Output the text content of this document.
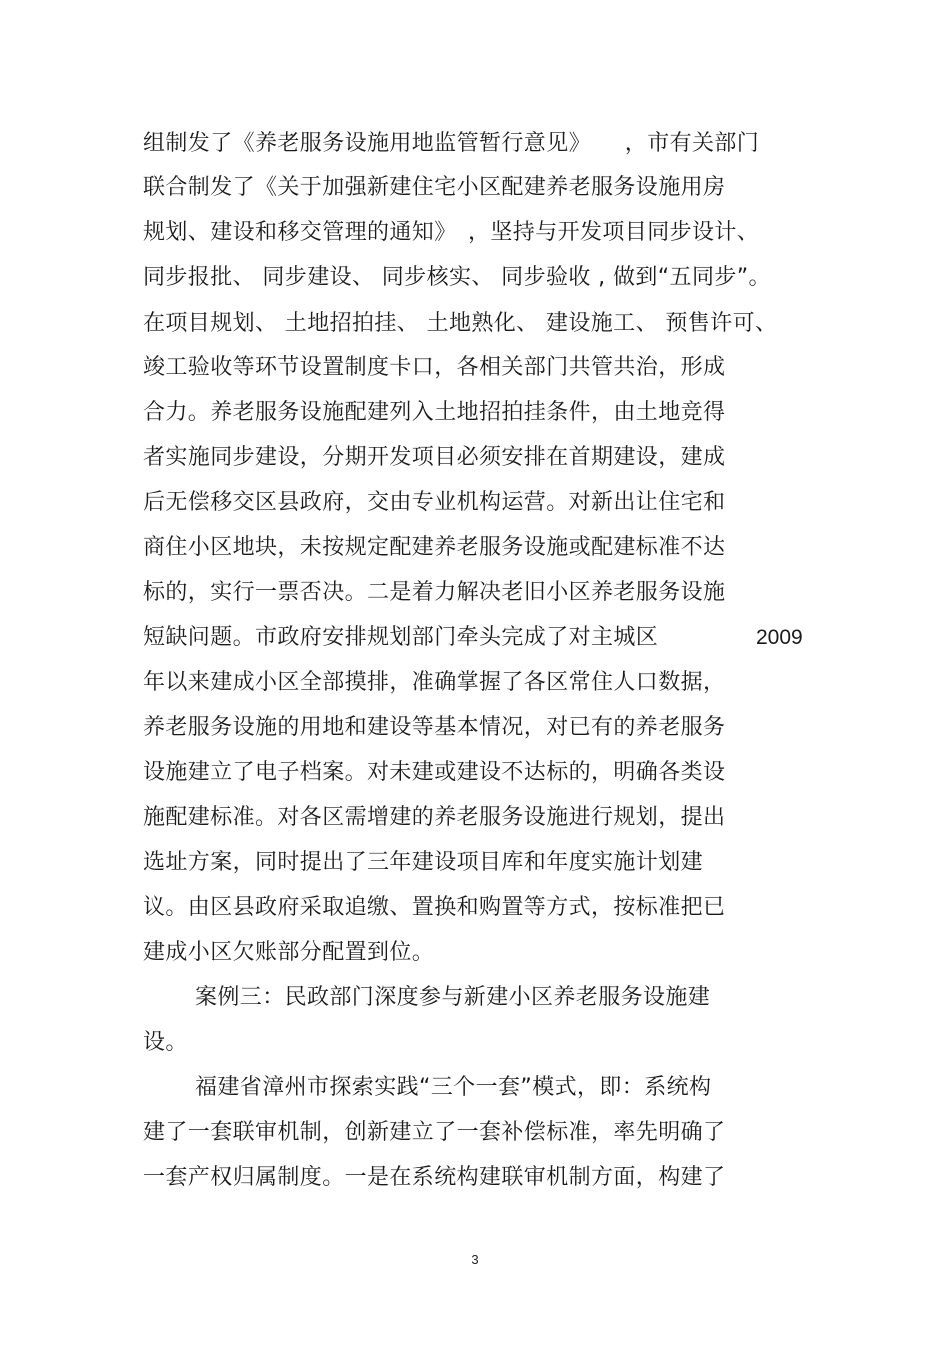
组制发了《养老服务设施用地监管暂行意见》　　，市有关部门
联合制发了《关于加强新建住宅小区配建养老服务设施用房
规划、建设和移交管理的通知》　，坚持与开发项目同步设计、
同步报批、 同步建设、 同步核实、 同步验收 , 做到“五同步”。
在项目规划、 土地招拍挂、 土地熟化、 建设施工、 预售许可、
竣工验收等环节设置制度卡口，各相关部门共管共治，形成
合力。养老服务设施配建列入土地招拍挂条件，由土地竞得
者实施同步建设，分期开发项目必须安排在首期建设，建成
后无偿移交区县政府，交由专业机构运营。对新出让住宅和
商住小区地块，未按规定配建养老服务设施或配建标准不达
标的，实行一票否决。二是着力解决老旧小区养老服务设施
短缺问题。市政府安排规划部门牵头完成了对主城区	2009
年以来建成小区全部摸排，准确掌握了各区常住人口数据，
养老服务设施的用地和建设等基本情况，对已有的养老服务
设施建立了电子档案。对未建或建设不达标的，明确各类设
施配建标准。对各区需增建的养老服务设施进行规划，提出
选址方案，同时提出了三年建设项目库和年度实施计划建
议。由区县政府采取追缴、置换和购置等方式，按标准把已
建成小区欠账部分配置到位。
案例三：民政部门深度参与新建小区养老服务设施建
设。
福建省漳州市探索实践“三个一套”模式，即：系统构
建了一套联审机制，创新建立了一套补偿标准，率先明确了
一套产权归属制度。一是在系统构建联审机制方面，构建了
3
